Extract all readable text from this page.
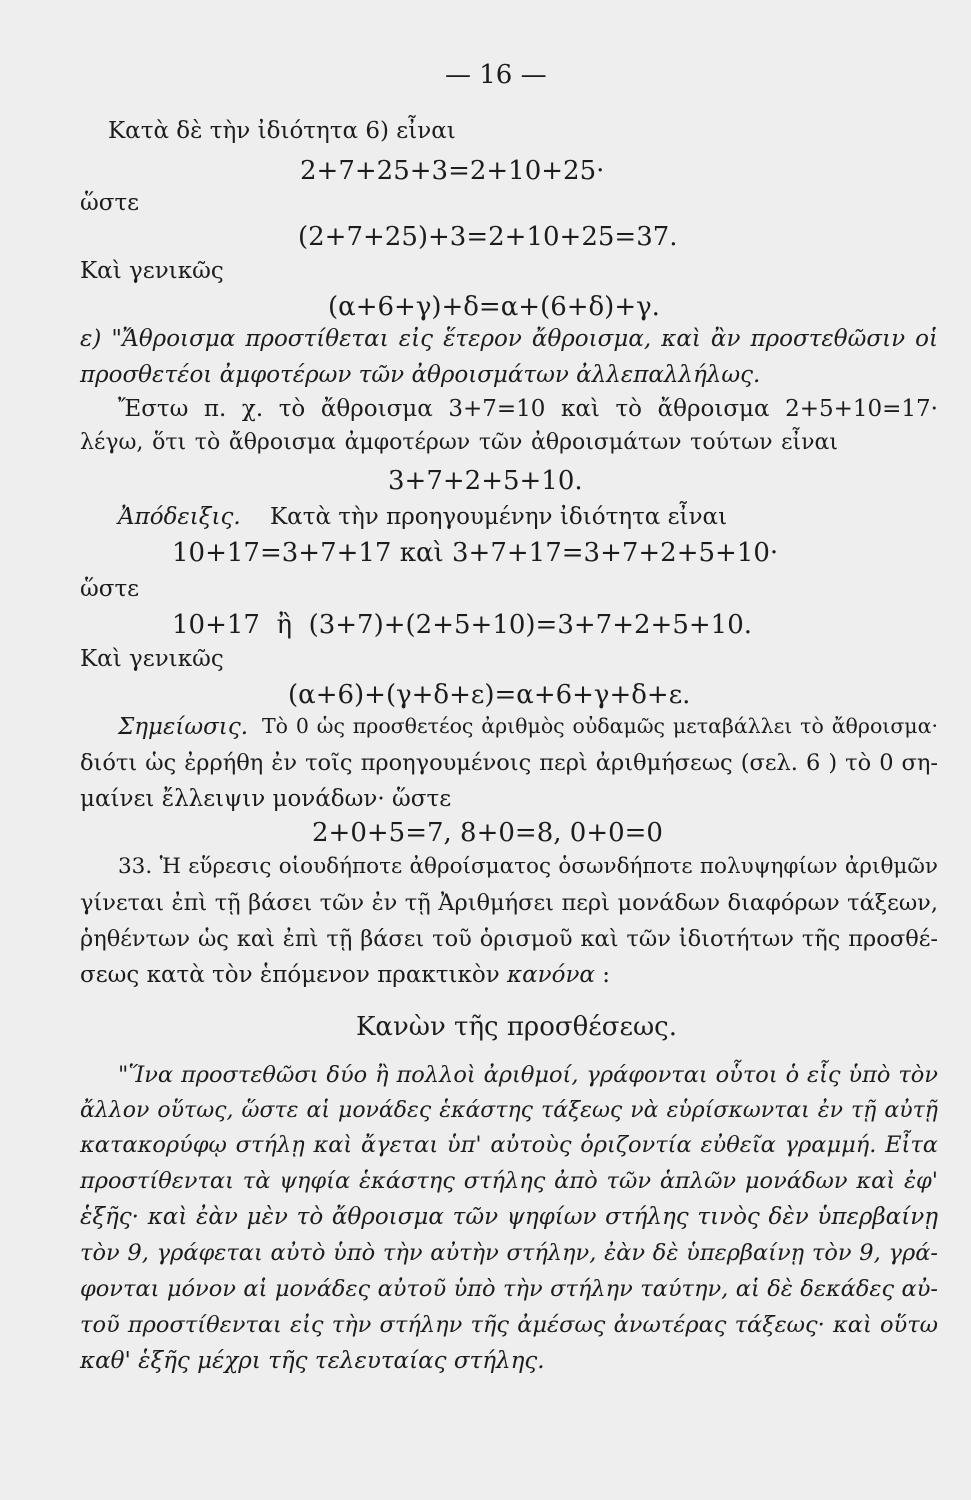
— 16 —
Κατὰ δὲ τὴν ἰδιότητα 6) εἶναι
2+7+25+3=2+10+25·
ὥστε
(2+7+25)+3=2+10+25=37.
Καὶ γενικῶς
(α+6+γ)+δ=α+(6+δ)+γ.
ε) "Ἄθροισμα προστίθεται εἰς ἕτερον ἄθροισμα, καὶ ἂν προστεθῶσιν οἱ
προσθετέοι ἀμφοτέρων τῶν ἀθροισμάτων ἀλλεπαλλήλως.
Ἔστω π. χ. τὸ ἄθροισμα 3+7=10 καὶ τὸ ἄθροισμα 2+5+10=17·
λέγω, ὅτι τὸ ἄθροισμα ἀμφοτέρων τῶν ἀθροισμάτων τούτων εἶναι
3+7+2+5+10.
Ἀπόδειξις. Κατὰ τὴν προηγουμένην ἰδιότητα εἶναι
10+17=3+7+17 καὶ 3+7+17=3+7+2+5+10·
ὥστε
10+17  ἢ  (3+7)+(2+5+10)=3+7+2+5+10.
Καὶ γενικῶς
(α+6)+(γ+δ+ε)=α+6+γ+δ+ε.
Σημείωσις. Τὸ 0 ὡς προσθετέος ἀριθμὸς οὐδαμῶς μεταβάλλει τὸ ἄθροισμα·
διότι ὡς ἐρρήθη ἐν τοῖς προηγουμένοις περὶ ἀριθμήσεως (σελ. 6 ) τὸ 0 ση-
μαίνει ἔλλειψιν μονάδων· ὥστε
2+0+5=7, 8+0=8, 0+0=0
33. Ἡ εὕρεσις οἱουδήποτε ἀθροίσματος ὁσωνδήποτε πολυψηφίων ἀριθμῶν
γίνεται ἐπὶ τῇ βάσει τῶν ἐν τῇ Ἀριθμήσει περὶ μονάδων διαφόρων τάξεων,
ῥηθέντων ὡς καὶ ἐπὶ τῇ βάσει τοῦ ὁρισμοῦ καὶ τῶν ἰδιοτήτων τῆς προσθέ-
σεως κατὰ τὸν ἑπόμενον πρακτικὸν κανόνα :
Κανὼν τῆς προσθέσεως.
"Ἵνα προστεθῶσι δύο ἢ πολλοὶ ἀριθμοί, γράφονται οὗτοι ὁ εἷς ὑπὸ τὸν
ἄλλον οὕτως, ὥστε αἱ μονάδες ἑκάστης τάξεως νὰ εὑρίσκωνται ἐν τῇ αὐτῇ
κατακορύφῳ στήλῃ καὶ ἄγεται ὑπ' αὐτοὺς ὁριζοντία εὐθεῖα γραμμή. Εἶτα
προστίθενται τὰ ψηφία ἑκάστης στήλης ἀπὸ τῶν ἁπλῶν μονάδων καὶ ἐφ'
ἑξῆς· καὶ ἐὰν μὲν τὸ ἄθροισμα τῶν ψηφίων στήλης τινὸς δὲν ὑπερβαίνῃ
τὸν 9, γράφεται αὐτὸ ὑπὸ τὴν αὐτὴν στήλην, ἐὰν δὲ ὑπερβαίνῃ τὸν 9, γρά-
φονται μόνον αἱ μονάδες αὐτοῦ ὑπὸ τὴν στήλην ταύτην, αἱ δὲ δεκάδες αὐ-
τοῦ προστίθενται εἰς τὴν στήλην τῆς ἀμέσως ἀνωτέρας τάξεως· καὶ οὕτω
καθ' ἑξῆς μέχρι τῆς τελευταίας στήλης.
